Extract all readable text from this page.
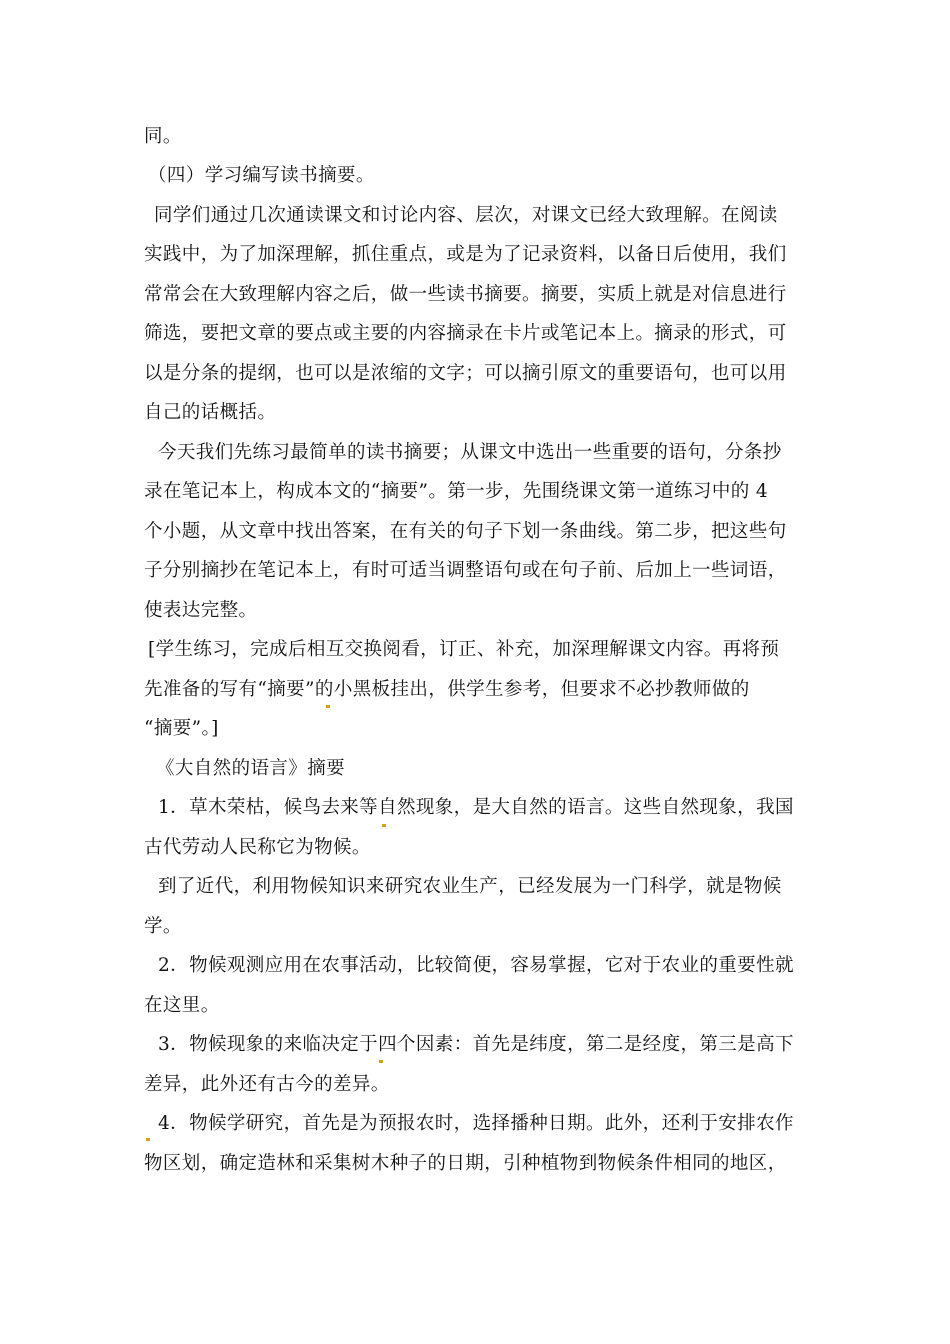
同。
（四）学习编写读书摘要。
同学们通过几次通读课文和讨论内容、层次，对课文已经大致理解。在阅读
实践中，为了加深理解，抓住重点，或是为了记录资料，以备日后使用，我们
常常会在大致理解内容之后，做一些读书摘要。摘要，实质上就是对信息进行
筛选，要把文章的要点或主要的内容摘录在卡片或笔记本上。摘录的形式，可
以是分条的提纲，也可以是浓缩的文字；可以摘引原文的重要语句，也可以用
自己的话概括。
今天我们先练习最简单的读书摘要；从课文中选出一些重要的语句，分条抄
录在笔记本上，构成本文的“摘要”。第一步，先围绕课文第一道练习中的 4
个小题，从文章中找出答案，在有关的句子下划一条曲线。第二步，把这些句
子分别摘抄在笔记本上，有时可适当调整语句或在句子前、后加上一些词语，
使表达完整。
[学生练习，完成后相互交换阅看，订正、补充，加深理解课文内容。再将预
先准备的写有“摘要”的小黑板挂出，供学生参考，但要求不必抄教师做的
“摘要”。]
《大自然的语言》摘要
1．草木荣枯，候鸟去来等自然现象，是大自然的语言。这些自然现象，我国
古代劳动人民称它为物候。
到了近代，利用物候知识来研究农业生产，已经发展为一门科学，就是物候
学。
2．物候观测应用在农事活动，比较简便，容易掌握，它对于农业的重要性就
在这里。
3．物候现象的来临决定于四个因素：首先是纬度，第二是经度，第三是高下
差异，此外还有古今的差异。
4．物候学研究，首先是为预报农时，选择播种日期。此外，还利于安排农作
物区划，确定造林和采集树木种子的日期，引种植物到物候条件相同的地区，
